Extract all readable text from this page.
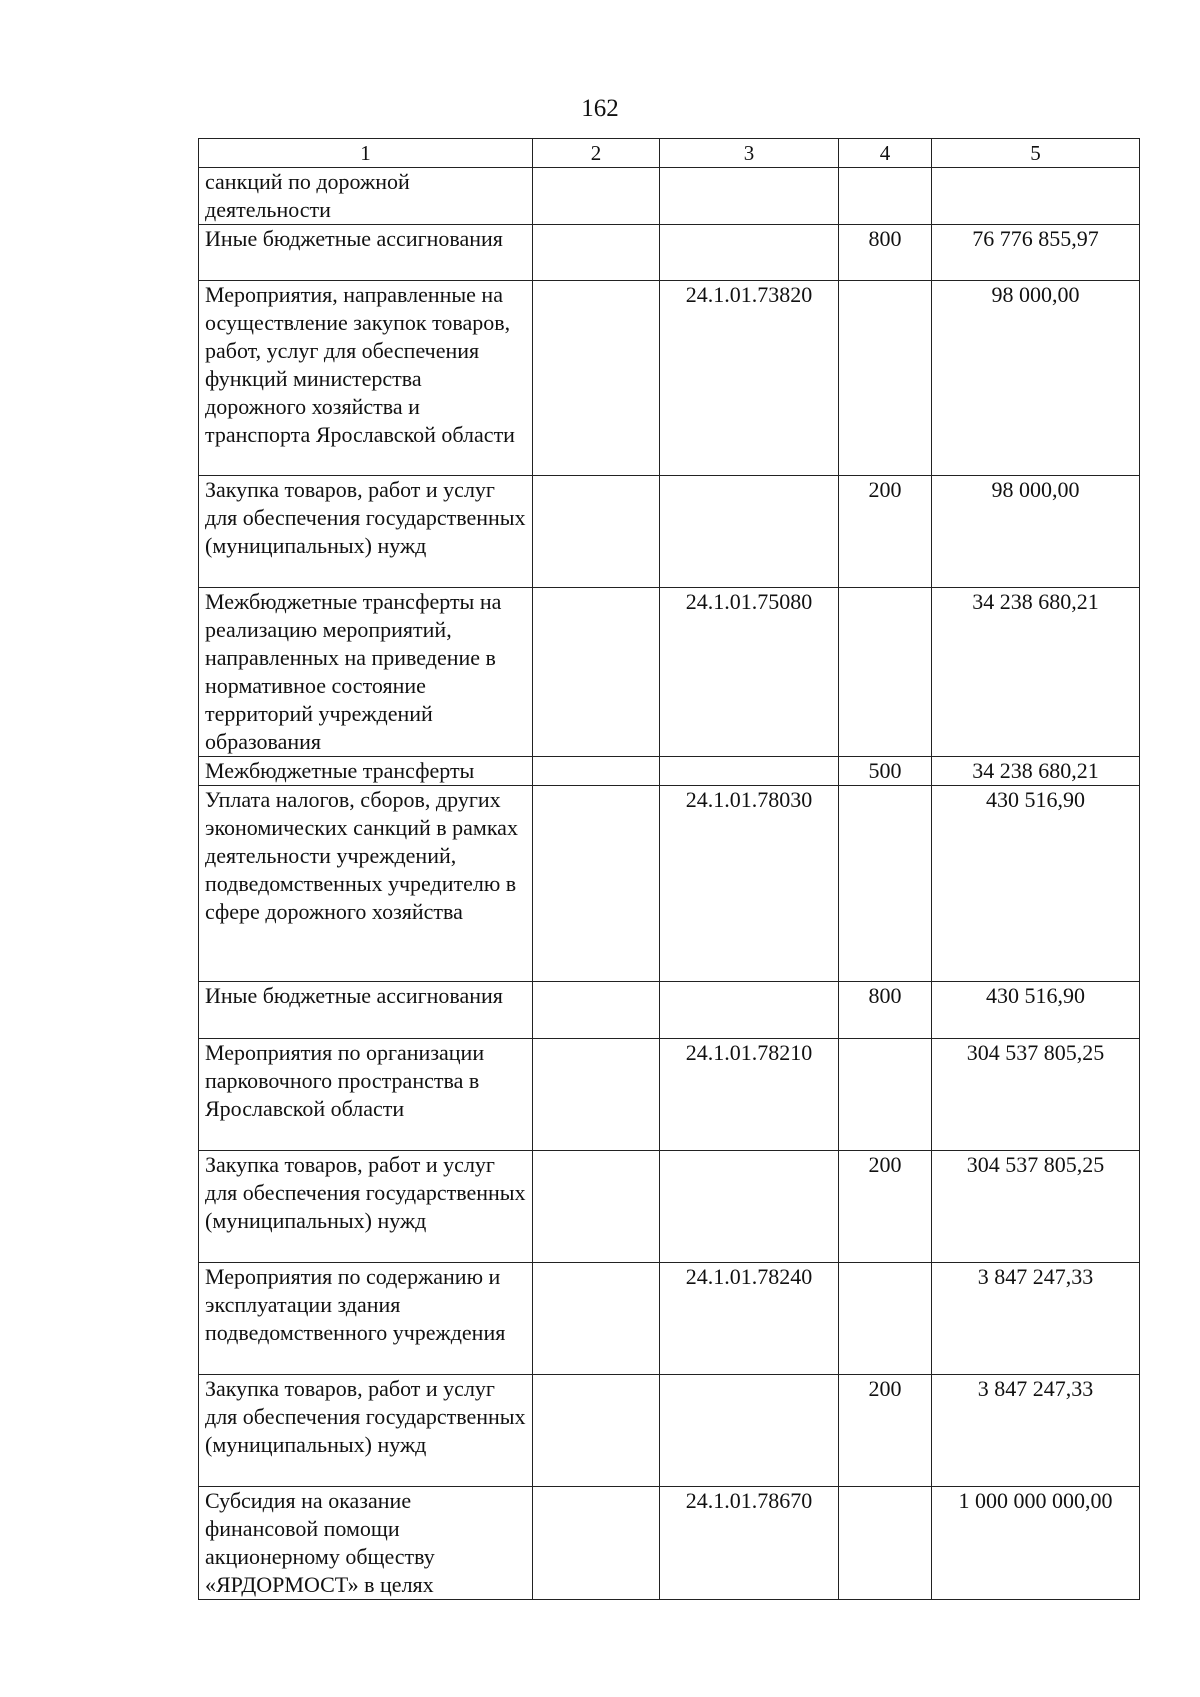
162
1	2	3	4	5
санкций по дорожной деятельности				
Иные бюджетные ассигнования			800	76 776 855,97
Мероприятия, направленные на осуществление закупок товаров, работ, услуг для обеспечения функций министерства дорожного хозяйства и транспорта Ярославской области		24.1.01.73820		98 000,00
Закупка товаров, работ и услуг для обеспечения государственных (муниципальных) нужд			200	98 000,00
Межбюджетные трансферты на реализацию мероприятий, направленных на приведение в нормативное состояние территорий учреждений образования		24.1.01.75080		34 238 680,21
Межбюджетные трансферты			500	34 238 680,21
Уплата налогов, сборов, других экономических санкций в рамках деятельности учреждений, подведомственных учредителю в сфере дорожного хозяйства		24.1.01.78030		430 516,90
Иные бюджетные ассигнования			800	430 516,90
Мероприятия по организации парковочного пространства в Ярославской области		24.1.01.78210		304 537 805,25
Закупка товаров, работ и услуг для обеспечения государственных (муниципальных) нужд			200	304 537 805,25
Мероприятия по содержанию и эксплуатации здания подведомственного учреждения		24.1.01.78240		3 847 247,33
Закупка товаров, работ и услуг для обеспечения государственных (муниципальных) нужд			200	3 847 247,33
Субсидия на оказание финансовой помощи акционерному обществу «ЯРДОРМОСТ» в целях		24.1.01.78670		1 000 000 000,00
